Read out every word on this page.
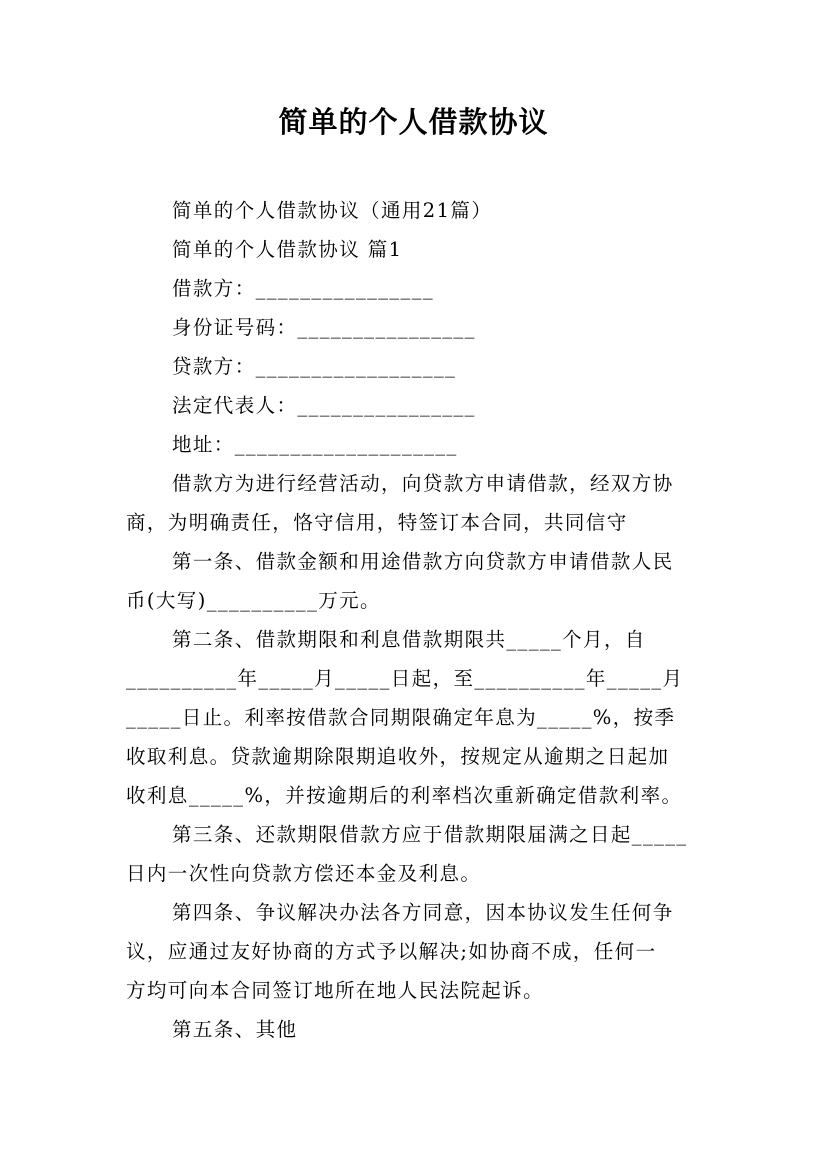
简单的个人借款协议
简单的个人借款协议（通用21篇）
简单的个人借款协议 篇1
借款方：________________
身份证号码：________________
贷款方：__________________
法定代表人：________________
地址：____________________
借款方为进行经营活动，向贷款方申请借款，经双方协
商，为明确责任，恪守信用，特签订本合同，共同信守
第一条、借款金额和用途借款方向贷款方申请借款人民
币(大写)__________万元。
第二条、借款期限和利息借款期限共_____个月，自
__________年_____月_____日起，至__________年_____月
_____日止。利率按借款合同期限确定年息为_____%，按季
收取利息。贷款逾期除限期追收外，按规定从逾期之日起加
收利息_____%，并按逾期后的利率档次重新确定借款利率。
第三条、还款期限借款方应于借款期限届满之日起_____
日内一次性向贷款方偿还本金及利息。
第四条、争议解决办法各方同意，因本协议发生任何争
议，应通过友好协商的方式予以解决;如协商不成，任何一
方均可向本合同签订地所在地人民法院起诉。
第五条、其他
